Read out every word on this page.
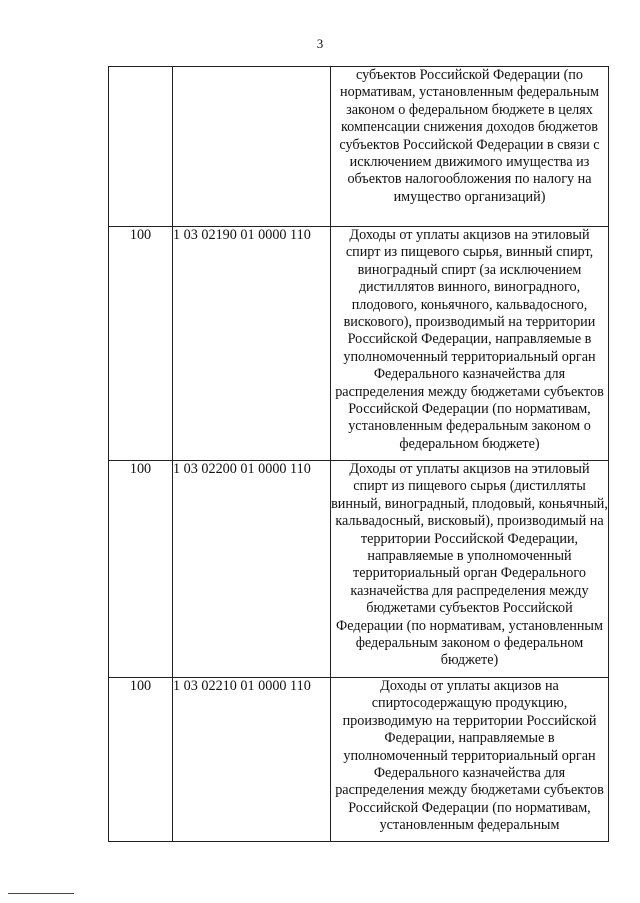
3
		субъектов Российской Федерации (по нормативам, установленным федеральным законом о федеральном бюджете в целях компенсации снижения доходов бюджетов субъектов Российской Федерации в связи с исключением движимого имущества из объектов налогообложения по налогу на имущество организаций)
100	1 03 02190 01 0000 110	Доходы от уплаты акцизов на этиловый спирт из пищевого сырья, винный спирт, виноградный спирт (за исключением дистиллятов винного, виноградного, плодового, коньячного, кальвадосного, вискового), производимый на территории Российской Федерации, направляемые в уполномоченный территориальный орган Федерального казначейства для распределения между бюджетами субъектов Российской Федерации (по нормативам, установленным федеральным законом о федеральном бюджете)
100	1 03 02200 01 0000 110	Доходы от уплаты акцизов на этиловый спирт из пищевого сырья (дистилляты винный, виноградный, плодовый, коньячный, кальвадосный, висковый), производимый на территории Российской Федерации, направляемые в уполномоченный территориальный орган Федерального казначейства для распределения между бюджетами субъектов Российской Федерации (по нормативам, установленным федеральным законом о федеральном бюджете)
100	1 03 02210 01 0000 110	Доходы от уплаты акцизов на спиртосодержащую продукцию, производимую на территории Российской Федерации, направляемые в уполномоченный территориальный орган Федерального казначейства для распределения между бюджетами субъектов Российской Федерации (по нормативам, установленным федеральным
